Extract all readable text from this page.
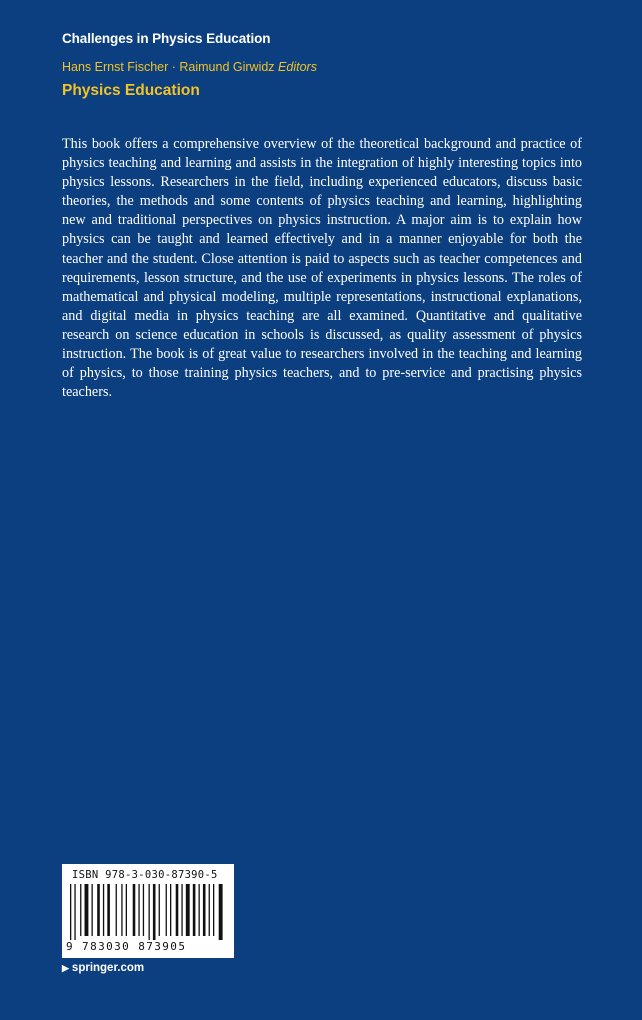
Challenges in Physics Education
Hans Ernst Fischer · Raimund Girwidz Editors
Physics Education

This book offers a comprehensive overview of the theoretical background and practice of physics teaching and learning and assists in the integration of highly interesting topics into physics lessons. Researchers in the field, including experienced educators, discuss basic theories, the methods and some contents of physics teaching and learning, highlighting new and traditional perspectives on physics instruction. A major aim is to explain how physics can be taught and learned effectively and in a manner enjoyable for both the teacher and the student. Close attention is paid to aspects such as teacher competences and requirements, lesson structure, and the use of experiments in physics lessons. The roles of mathematical and physical modeling, multiple representations, instructional explanations, and digital media in physics teaching are all examined. Quantitative and qualitative research on science education in schools is discussed, as quality assessment of physics instruction. The book is of great value to researchers involved in the teaching and learning of physics, to those training physics teachers, and to pre-service and practising physics teachers.

ISBN 978-3-030-87390-5
9 783030 873905
▶ springer.com
